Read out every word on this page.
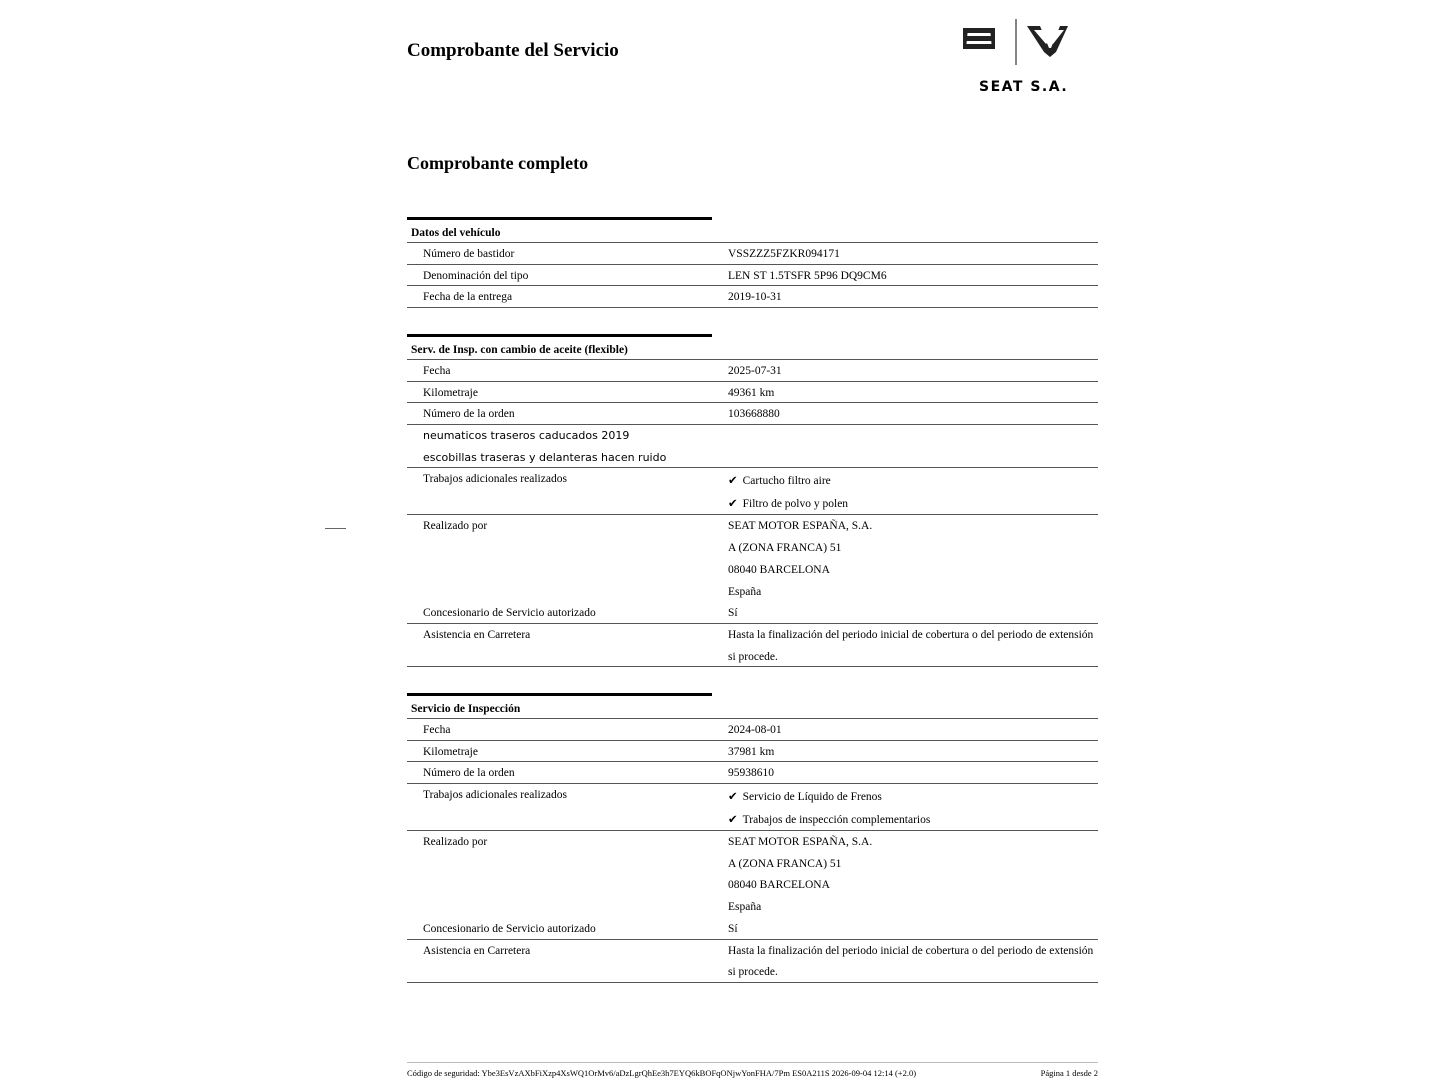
Comprobante del Servicio
SEAT S.A.
Comprobante completo
Datos del vehículo
Número de bastidor	VSSZZZ5FZKR094171
Denominación del tipo	LEN ST 1.5TSFR 5P96 DQ9CM6
Fecha de la entrega	2019-10-31
Serv. de Insp. con cambio de aceite (flexible)
Fecha	2025-07-31
Kilometraje	49361 km
Número de la orden	103668880
neumaticos traseros caducados 2019
escobillas traseras y delanteras hacen ruido
Trabajos adicionales realizados	✔ Cartucho filtro aire
✔ Filtro de polvo y polen
Realizado por	SEAT MOTOR ESPAÑA, S.A.
A (ZONA FRANCA) 51
08040 BARCELONA
España
Concesionario de Servicio autorizado	Sí
Asistencia en Carretera	Hasta la finalización del periodo inicial de cobertura o del periodo de extensión
si procede.
Servicio de Inspección
Fecha	2024-08-01
Kilometraje	37981 km
Número de la orden	95938610
Trabajos adicionales realizados	✔ Servicio de Líquido de Frenos
✔ Trabajos de inspección complementarios
Realizado por	SEAT MOTOR ESPAÑA, S.A.
A (ZONA FRANCA) 51
08040 BARCELONA
España
Concesionario de Servicio autorizado	Sí
Asistencia en Carretera	Hasta la finalización del periodo inicial de cobertura o del periodo de extensión
si procede.
Código de seguridad: Ybe3EsVzAXbFiXzp4XsWQ1OrMv6/aDzLgrQhEe3h7EYQ6kBOFqONjwYonFHA/7Pm ES0A211S 2026-09-04 12:14 (+2.0)	Página 1 desde 2
